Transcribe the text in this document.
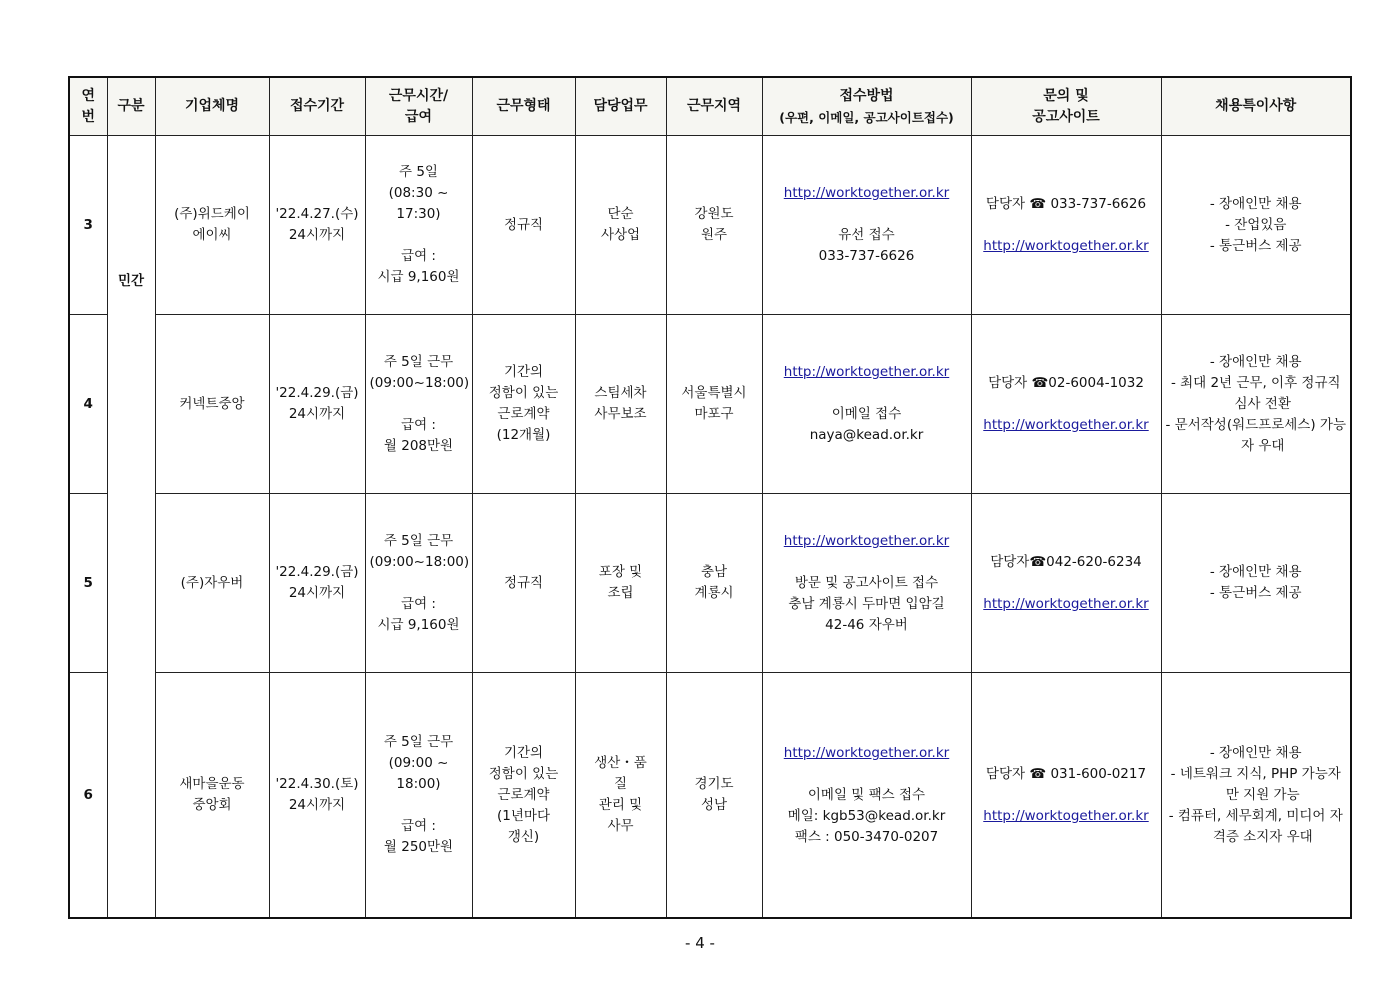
연
번	구분	기업체명	접수기간	근무시간/
급여	근무형태	담당업무	근무지역	접수방법
(우편, 이메일, 공고사이트접수)	문의 및
공고사이트	채용특이사항
3	민간	(주)위드케이
에이씨	'22.4.27.(수)
24시까지	주 5일
(08:30 ~
17:30)
급여 :
시급 9,160원	정규직	단순
사상업	강원도
원주	http://worktogether.or.kr
유선 접수
033-737-6626	담당자 ☎ 033-737-6626
http://worktogether.or.kr	- 장애인만 채용
- 잔업있음
- 통근버스 제공

4		커넥트중앙	'22.4.29.(금)
24시까지	주 5일 근무
(09:00~18:00)
급여 :
월 208만원	기간의
정함이 있는
근로계약
(12개월)	스팀세차
사무보조	서울특별시
마포구	http://worktogether.or.kr
이메일 접수
naya@kead.or.kr	담당자 ☎02-6004-1032
http://worktogether.or.kr	- 장애인만 채용
- 최대 2년 근무, 이후 정규직 심사 전환
- 문서작성(워드프로세스) 가능자 우대

5		(주)자우버	'22.4.29.(금)
24시까지	주 5일 근무
(09:00~18:00)
급여 :
시급 9,160원	정규직	포장 및
조립	충남
계룡시	http://worktogether.or.kr
방문 및 공고사이트 접수
충남 계룡시 두마면 입암길
42-46 자우버	담당자☎042-620-6234
http://worktogether.or.kr	- 장애인만 채용
- 통근버스 제공

6		새마을운동
중앙회	'22.4.30.(토)
24시까지	주 5일 근무
(09:00 ~
18:00)
급여 :
월 250만원	기간의
정함이 있는
근로계약
(1년마다
갱신)	생산・품
질
관리 및
사무	경기도
성남	http://worktogether.or.kr
이메일 및 팩스 접수
메일: kgb53@kead.or.kr
팩스 : 050-3470-0207	담당자 ☎ 031-600-0217
http://worktogether.or.kr	- 장애인만 채용
- 네트워크 지식, PHP 가능자만 지원 가능
- 컴퓨터, 세무회계, 미디어 자격증 소지자 우대
- 4 -
